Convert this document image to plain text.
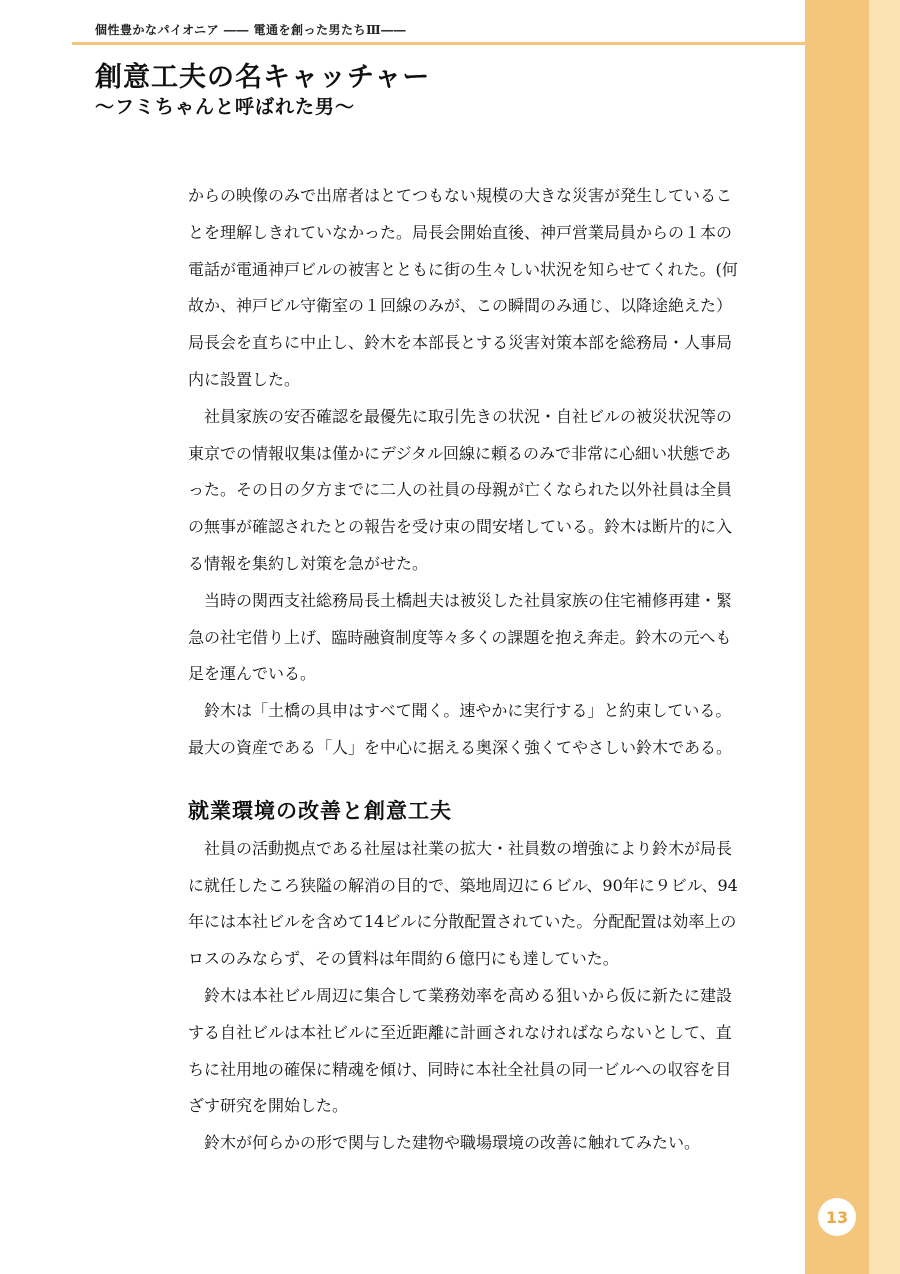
個性豊かなパイオニア ―― 電通を創った男たちⅢ――
創意工夫の名キャッチャー
〜フミちゃんと呼ばれた男〜

からの映像のみで出席者はとてつもない規模の大きな災害が発生していることを理解しきれていなかった。局長会開始直後、神戸営業局員からの１本の電話が電通神戸ビルの被害とともに街の生々しい状況を知らせてくれた。(何故か、神戸ビル守衛室の１回線のみが、この瞬間のみ通じ、以降途絶えた）局長会を直ちに中止し、鈴木を本部長とする災害対策本部を総務局・人事局内に設置した。

社員家族の安否確認を最優先に取引先きの状況・自社ビルの被災状況等の東京での情報収集は僅かにデジタル回線に頼るのみで非常に心細い状態であった。その日の夕方までに二人の社員の母親が亡くなられた以外社員は全員の無事が確認されたとの報告を受け束の間安堵している。鈴木は断片的に入る情報を集約し対策を急がせた。

当時の関西支社総務局長土橋赳夫は被災した社員家族の住宅補修再建・緊急の社宅借り上げ、臨時融資制度等々多くの課題を抱え奔走。鈴木の元へも足を運んでいる。

鈴木は「土橋の具申はすべて聞く。速やかに実行する」と約束している。最大の資産である「人」を中心に据える奥深く強くてやさしい鈴木である。

就業環境の改善と創意工夫

社員の活動拠点である社屋は社業の拡大・社員数の増強により鈴木が局長に就任したころ狭隘の解消の目的で、築地周辺に６ビル、90年に９ビル、94年には本社ビルを含めて14ビルに分散配置されていた。分配配置は効率上のロスのみならず、その賃料は年間約６億円にも達していた。

鈴木は本社ビル周辺に集合して業務効率を高める狙いから仮に新たに建設する自社ビルは本社ビルに至近距離に計画されなければならないとして、直ちに社用地の確保に精魂を傾け、同時に本社全社員の同一ビルへの収容を目ざす研究を開始した。

鈴木が何らかの形で関与した建物や職場環境の改善に触れてみたい。

13
